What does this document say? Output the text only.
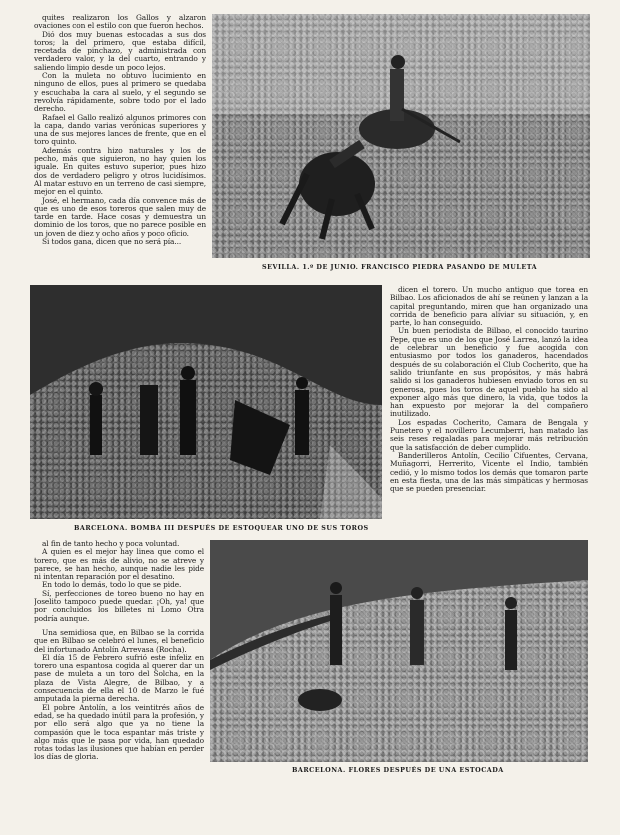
quites realizaron los Gallos y alzaron ovaciones con el estilo con que fueron hechos.

Dió dos muy buenas estocadas a sus dos toros; la del primero, que estaba difícil, recetada de pinchazo, y administrada con verdadero valor, y la del cuarto, entrando y saliendo limpio desde un poco lejos.

Con la muleta no obtuvo lucimiento en ninguno de ellos, pues al primero se quedaba y escuchaba la cara al suelo, y el segundo se revolvía rápidamente, sobre todo por el lado derecho.

Rafael el Gallo realizó algunos primores con la capa, dando varias verónicas superiores y una de sus mejores lances de frente, que en el toro quinto.

Además contra hizo naturales y los de pecho, más que siguieron, no hay quien los iguale. En quites estuvo superior, pues hizo dos de verdadero peligro y otros lucidísimos. Al matar estuvo en un terreno de casi siempre, mejor en el quinto.

José, el hermano, cada día convence más de que es uno de esos toreros que salen muy de tarde en tarde. Hace cosas y demuestra un dominio de los toros, que no parece posible en un joven de diez y ocho años y poco oficio.

Si todos gana, dicen que no será pía...

SEVILLA. 1.º DE JUNIO. FRANCISCO PIEDRA PASANDO DE MULETA
BARCELONA. BOMBA III DESPUÉS DE ESTOQUEAR UNO DE SUS TOROS

dicen el torero. Un mucho antiguo que torea en Bilbao. Los aficionados de ahí se reúnen y lanzan a la capital preguntando, miren que han organizado una corrida de beneficio para aliviar su situación, y, en parte, lo han conseguido.

Un buen periodista de Bilbao, el conocido taurino Pepe, que es uno de los que José Larrea, lanzó la idea de celebrar un beneficio y fue acogida con entusiasmo por todos los ganaderos, hacendados después de su colaboración el Club Cocherito, que ha salido triunfante en sus propósitos, y más habrá salido si los ganaderos hubiesen enviado toros en su generosa, pues los toros de aquel pueblo ha sido al exponer algo más que dinero, la vida, que todos la han expuesto por mejorar la del compañero inutilizado.

Los espadas Cocherito, Camara de Bengala y Punetero y el novillero Lecumberri, han matado las seis reses regaladas para mejorar más retribución que la satisfacción de deber cumplido.

Banderilleros Antolín, Cecilio Cifuentes, Cervana, Muñagorri, Herrerito, Vicente el Indio, también cedió, y lo mismo todos los demás que tomaron parte en esta fiesta, una de las más simpáticas y hermosas que se pueden presenciar.

al fin de tanto hecho y poca voluntad.

A quien es el mejor hay linea que como el torero, que es más de alivio, no se atreve y parece, se han hecho, aunque nadie les pide ni intentan reparación por el desatino.

En todo lo demás, todo lo que se pide.

Sí, perfecciones de toreo bueno no hay en Joselito tampoco puede quedar. ¡Oh, ya! que por concluidos los billetes ni Lomo Otra podría aunque.

Una semidiosa que, en Bilbao se la corrida que en Bilbao se celebró el lunes, el beneficio del infortunado Antolín Arrevasa (Rocha).

El día 15 de Febrero sufrió este infeliz en torero una espantosa cogida al querer dar un pase de muleta a un toro del Solcha, en la plaza de Vista Alegre, de Bilbao, y a consecuencia de ella el 10 de Marzo le fué amputada la pierna derecha.

El pobre Antolín, a los veintitrés años de edad, se ha quedado inútil para la profesión, y por ello será algo que ya no tiene la compasión que le toca espantar más triste y algo más que le pasa por vida, han quedado rotas todas las ilusiones que habían en perder los días de gloria.

BARCELONA. FLORES DESPUÉS DE UNA ESTOCADA
